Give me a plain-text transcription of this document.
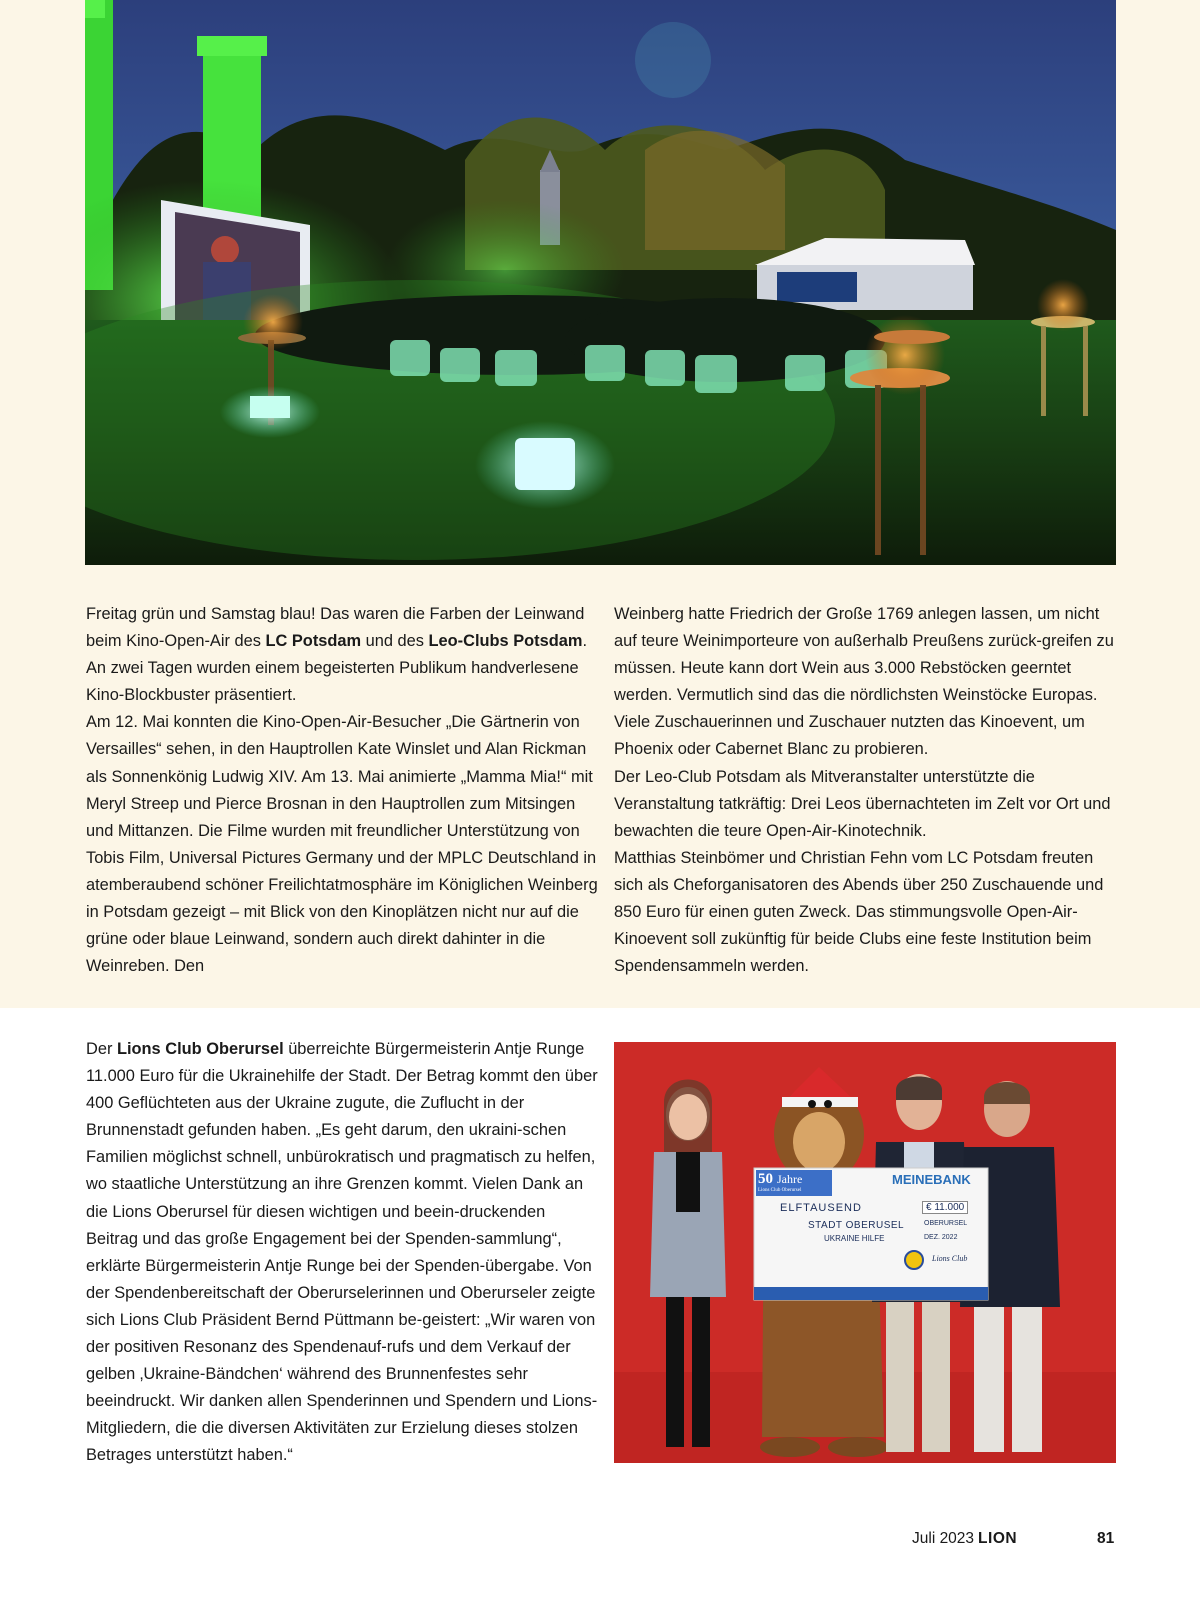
Freitag grün und Samstag blau! Das waren die Farben der Leinwand beim Kino-Open-Air des LC Potsdam und des Leo-Clubs Potsdam. An zwei Tagen wurden einem begeisterten Publikum handverlesene Kino-Blockbuster präsentiert.

Am 12. Mai konnten die Kino-Open-Air-Besucher „Die Gärtnerin von Versailles“ sehen, in den Hauptrollen Kate Winslet und Alan Rickman als Sonnenkönig Ludwig XIV. Am 13. Mai animierte „Mamma Mia!“ mit Meryl Streep und Pierce Brosnan in den Hauptrollen zum Mitsingen und Mittanzen. Die Filme wurden mit freundlicher Unterstützung von Tobis Film, Universal Pictures Germany und der MPLC Deutschland in atemberaubend schöner Freilichtatmosphäre im Königlichen Weinberg in Potsdam gezeigt – mit Blick von den Kinoplätzen nicht nur auf die grüne oder blaue Leinwand, sondern auch direkt dahinter in die Weinreben. Den

Weinberg hatte Friedrich der Große 1769 anlegen lassen, um nicht auf teure Weinimporteure von außerhalb Preußens zurück-greifen zu müssen. Heute kann dort Wein aus 3.000 Rebstöcken geerntet werden. Vermutlich sind das die nördlichsten Weinstöcke Europas. Viele Zuschauerinnen und Zuschauer nutzten das Kinoevent, um Phoenix oder Cabernet Blanc zu probieren.

Der Leo-Club Potsdam als Mitveranstalter unterstützte die Veranstaltung tatkräftig: Drei Leos übernachteten im Zelt vor Ort und bewachten die teure Open-Air-Kinotechnik.

Matthias Steinbömer und Christian Fehn vom LC Potsdam freuten sich als Cheforganisatoren des Abends über 250 Zuschauende und 850 Euro für einen guten Zweck. Das stimmungsvolle Open-Air-Kinoevent soll zukünftig für beide Clubs eine feste Institution beim Spendensammeln werden.

Der Lions Club Oberursel überreichte Bürgermeisterin Antje Runge 11.000 Euro für die Ukrainehilfe der Stadt. Der Betrag kommt den über 400 Geflüchteten aus der Ukraine zugute, die Zuflucht in der Brunnenstadt gefunden haben. „Es geht darum, den ukraini-schen Familien möglichst schnell, unbürokratisch und pragmatisch zu helfen, wo staatliche Unterstützung an ihre Grenzen kommt. Vielen Dank an die Lions Oberursel für diesen wichtigen und beein-druckenden Beitrag und das große Engagement bei der Spenden-sammlung“, erklärte Bürgermeisterin Antje Runge bei der Spenden-übergabe. Von der Spendenbereitschaft der Oberurselerinnen und Oberurseler zeigte sich Lions Club Präsident Bernd Püttmann be-geistert: „Wir waren von der positiven Resonanz des Spendenauf-rufs und dem Verkauf der gelben ‚Ukraine-Bändchen‘ während des Brunnenfestes sehr beeindruckt. Wir danken allen Spenderinnen und Spendern und Lions-Mitgliedern, die die diversen Aktivitäten zur Erzielung dieses stolzen Betrages unterstützt haben.“

50 Jahre
Lions Club Oberursel
MEINEBANK
ELFTAUSEND	€ 11.000
STADT OBERUSEL	OBERURSEL
UKRAINE HILFE	DEZ. 2022
Lions Club
Juli 2023 LION	81
